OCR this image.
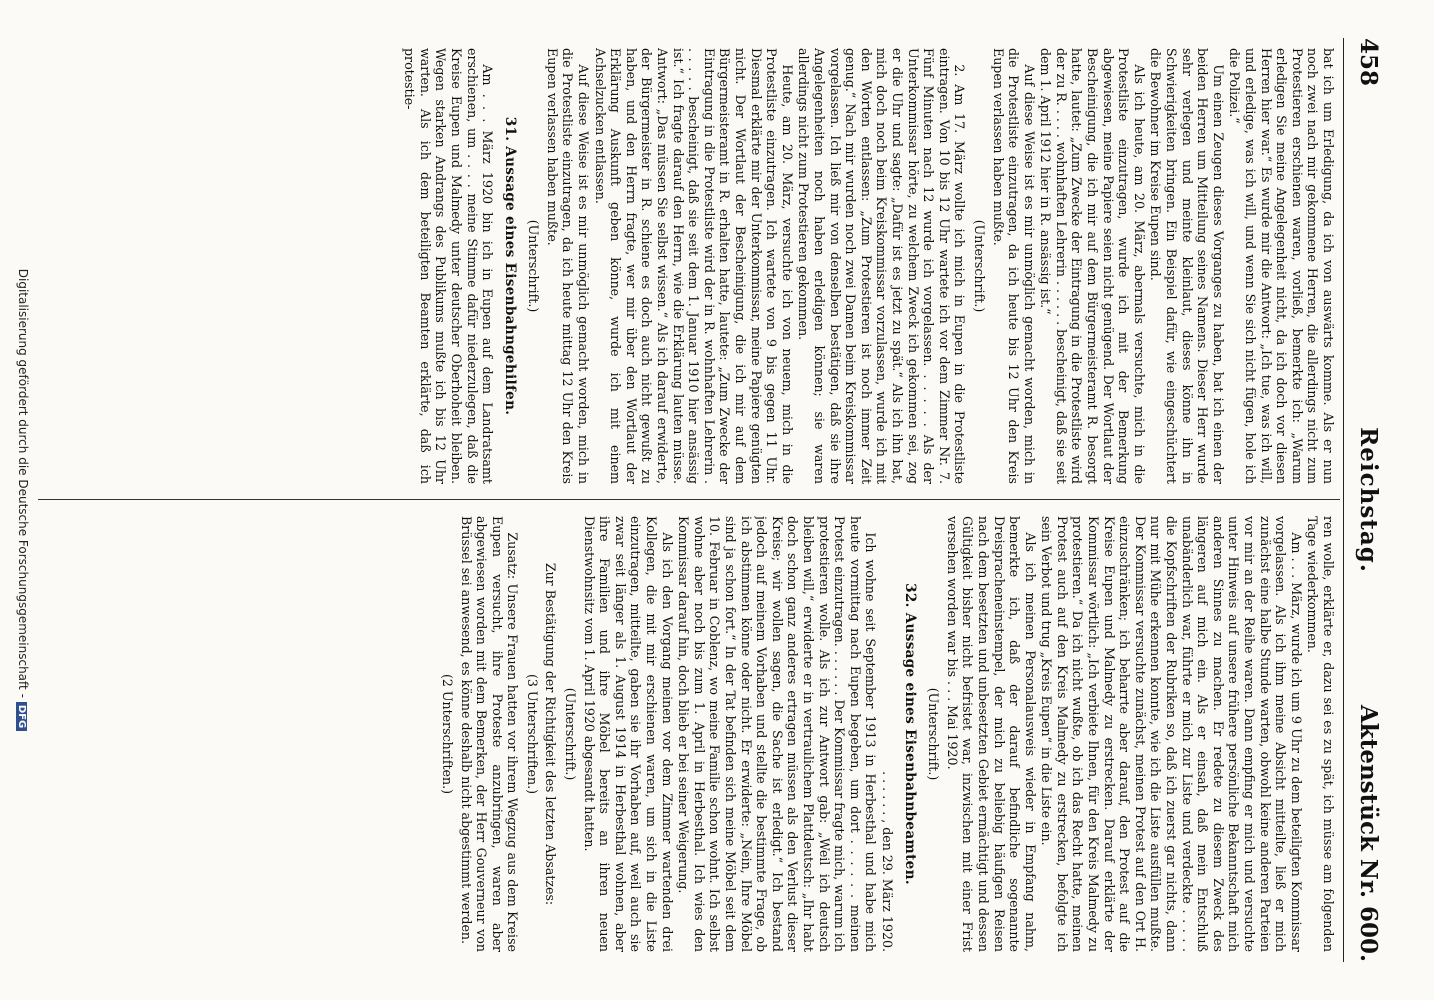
458
Reichstag.
Aktenstück Nr. 600.

bat ich um Erledigung, da ich von auswärts komme. Als er nun noch zwei nach mir gekommene Herren, die allerdings nicht zum Protestieren erschienen waren, vorließ, bemerkte ich: „Warum erledigen Sie meine Angelegenheit nicht, da ich doch vor diesen Herren hier war.“ Es wurde mir die Antwort: „Ich tue, was ich will, und erledige, was ich will, und wenn Sie sich nicht fügen, hole ich die Polizei.“

Um einen Zeugen dieses Vorganges zu haben, bat ich einen der beiden Herren um Mitteilung seines Namens. Dieser Herr wurde sehr verlegen und meinte kleinlaut, dieses könne ihn in Schwierigkeiten bringen. Ein Beispiel dafür, wie eingeschüchtert die Bewohner im Kreise Eupen sind.

Als ich heute, am 20. März, abermals versuchte, mich in die Protestliste einzutragen, wurde ich mit der Bemerkung abgewiesen, meine Papiere seien nicht genügend. Der Wortlaut der Bescheinigung, die ich mir auf dem Bürgermeisteramt R. besorgt hatte, lautet: „Zum Zwecke der Eintragung in die Protestliste wird der zu R. . . . . wohnhaften Lehrerin . . . . . . bescheinigt, daß sie seit dem 1. April 1912 hier in R. ansässig ist.“

Auf diese Weise ist es mir unmöglich gemacht worden, mich in die Protestliste einzutragen, da ich heute bis 12 Uhr den Kreis Eupen verlassen haben mußte.

(Unterschrift.)

2. Am 17. März wollte ich mich in Eupen in die Protestliste eintragen. Von 10 bis 12 Uhr wartete ich vor dem Zimmer Nr. 7. Fünf Minuten nach 12 wurde ich vorgelassen. . . . . . Als der Unterkommissar hörte, zu welchem Zweck ich gekommen sei, zog er die Uhr und sagte: „Dafür ist es jetzt zu spät.“ Als ich ihn bat, mich doch noch beim Kreiskommissar vorzulassen, wurde ich mit den Worten entlassen: „Zum Protestieren ist noch immer Zeit genug.“ Nach mir wurden noch zwei Damen beim Kreiskommissar vorgelassen. Ich ließ mir von denselben bestätigen, daß sie ihre Angelegenheiten noch haben erledigen können; sie waren allerdings nicht zum Protestieren gekommen.

Heute, am 20. März, versuchte ich von neuem, mich in die Protestliste einzutragen. Ich wartete von 9 bis gegen 11 Uhr. Diesmal erklärte mir der Unterkommissar, meine Papiere genügten nicht. Der Wortlaut der Bescheinigung, die ich mir auf dem Bürgermeisteramt in R. erhalten hatte, lautete: „Zum Zwecke der Eintragung in die Protestliste wird der in R. wohnhaften Lehrerin . . . . . . bescheinigt, daß sie seit dem 1. Januar 1910 hier ansässig ist.“ Ich fragte darauf den Herrn, wie die Erklärung lauten müsse. Antwort: „Das müssen Sie selbst wissen.“ Als ich darauf erwiderte, der Bürgermeister in R. schiene es doch auch nicht gewußt zu haben, und den Herrn fragte, wer mir über den Wortlaut der Erklärung Auskunft geben könne, wurde ich mit einem Achselzucken entlassen.

Auf diese Weise ist es mir unmöglich gemacht worden, mich in die Protestliste einzutragen, da ich heute mittag 12 Uhr den Kreis Eupen verlassen haben mußte.

(Unterschrift.)

31. Aussage eines Eisenbahngehilfen.

Am . . . März 1920 bin ich in Eupen auf dem Landratsamt erschienen, um . . . . meine Stimme dafür niederzulegen, daß die Kreise Eupen und Malmedy unter deutscher Oberhoheit bleiben. Wegen starken Andrangs des Publikums mußte ich bis 12 Uhr warten. Als ich dem beteiligten Beamten erklärte, daß ich protestie-

ren wolle, erklärte er, dazu sei es zu spät, ich müsse am folgenden Tage wiederkommen.

Am . . . März, wurde ich um 9 Uhr zu dem beteiligten Kommissar vorgelassen. Als ich ihm meine Absicht mitteilte, ließ er mich zunächst eine halbe Stunde warten, obwohl keine anderen Parteien vor mir an der Reihe waren. Dann empfing er mich und versuchte unter Hinweis auf unsere frühere persönliche Bekanntschaft mich anderen Sinnes zu machen. Er redete zu diesem Zweck des längeren auf mich ein. Als er einsah, daß mein Entschluß unabänderlich war, führte er mich zur Liste und verdeckte . . . . . die Kopfschriften der Rubriken so, daß ich zuerst gar nichts, dann nur mit Mühe erkennen konnte, wie ich die Liste ausfüllen mußte. Der Kommissar versuchte zunächst, meinen Protest auf den Ort H. einzuschränken; ich beharrte aber darauf, den Protest auf die Kreise Eupen und Malmedy zu erstrecken. Darauf erklärte der Kommissar wörtlich: „Ich verbiete Ihnen, für den Kreis Malmedy zu protestieren.“ Da ich nicht wußte, ob ich das Recht hatte, meinen Protest auch auf den Kreis Malmedy zu erstrecken, befolgte ich sein Verbot und trug „Kreis Eupen“ in die Liste ein.

Als ich meinen Personalausweis wieder in Empfang nahm, bemerkte ich, daß der darauf befindliche sogenannte Dreispracheneinstempel, der mich zu beliebig häufigen Reisen nach dem besetzten und unbesetzten Gebiet ermächtigt und dessen Gültigkeit bisher nicht befristet war, inzwischen mit einer Frist versehen worden war bis . . . Mai 1920.

(Unterschrift.)

32. Aussage eines Eisenbahnbeamten.

. . . . . . , den 29. März 1920.

Ich wohne seit September 1913 in Herbesthal und habe mich heute vormittag nach Eupen begeben, um dort . . . . . . meinen Protest einzutragen. . . . . . . Der Kommissar fragte mich, warum ich protestieren wolle. Als ich zur Antwort gab: „Weil ich deutsch bleiben will,“ erwiderte er in vertraulichem Plattdeutsch: „Ihr habt doch schon ganz anderes ertragen müssen als den Verlust dieser Kreise; wir wollen sagen, die Sache ist erledigt.“ Ich bestand jedoch auf meinem Vorhaben und stellte die bestimmte Frage, ob ich abstimmen könne oder nicht. Er erwiderte: „Nein, Ihre Möbel sind ja schon fort.“ In der Tat befinden sich meine Möbel seit dem 10. Februar in Coblenz, wo meine Familie schon wohnt. Ich selbst wohne aber noch bis zum 1. April in Herbesthal. Ich wies den Kommissar darauf hin, doch blieb er bei seiner Weigerung.

Als ich den Vorgang meinen vor dem Zimmer wartenden drei Kollegen, die mit mir erschienen waren, um sich in die Liste einzutragen, mitteilte, gaben sie ihr Vorhaben auf, weil auch sie zwar seit länger als 1. August 1914 in Herbesthal wohnen, aber ihre Familien und ihre Möbel bereits an ihren neuen Dienstwohnsitz vom 1. April 1920 abgesandt hatten.

(Unterschrift.)

Zur Bestätigung der Richtigkeit des letzten Absatzes:

(3 Unterschriften.)

Zusatz: Unsere Frauen hatten vor ihrem Wegzug aus dem Kreise Eupen versucht, ihre Proteste anzubringen, waren aber abgewiesen worden mit dem Bemerken, der Herr Gouverneur von Brüssel sei anwesend, es könne deshalb nicht abgestimmt werden.

(2 Unterschriften.)

Digitalisierung gefördert durch die Deutsche Forschungsgemeinschaft -DFG
